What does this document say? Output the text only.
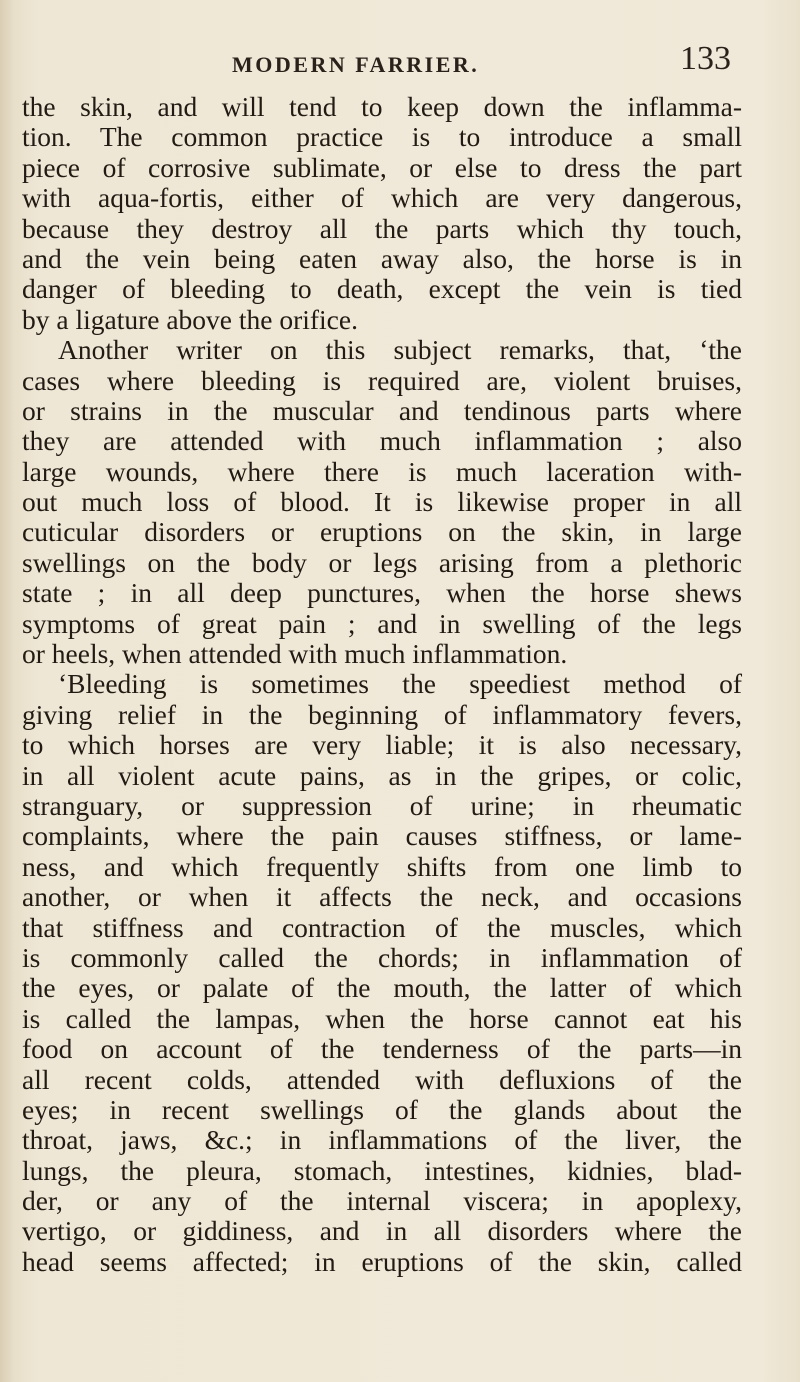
MODERN FARRIER.	133
the skin, and will tend to keep down the inflamma-
tion. The common practice is to introduce a small
piece of corrosive sublimate, or else to dress the part
with aqua-fortis, either of which are very dangerous,
because they destroy all the parts which thy touch,
and the vein being eaten away also, the horse is in
danger of bleeding to death, except the vein is tied
by a ligature above the orifice.
Another writer on this subject remarks, that, ‘the
cases where bleeding is required are, violent bruises,
or strains in the muscular and tendinous parts where
they are attended with much inflammation ; also
large wounds, where there is much laceration with-
out much loss of blood. It is likewise proper in all
cuticular disorders or eruptions on the skin, in large
swellings on the body or legs arising from a plethoric
state ; in all deep punctures, when the horse shews
symptoms of great pain ; and in swelling of the legs
or heels, when attended with much inflammation.
‘Bleeding is sometimes the speediest method of
giving relief in the beginning of inflammatory fevers,
to which horses are very liable; it is also necessary,
in all violent acute pains, as in the gripes, or colic,
stranguary, or suppression of urine; in rheumatic
complaints, where the pain causes stiffness, or lame-
ness, and which frequently shifts from one limb to
another, or when it affects the neck, and occasions
that stiffness and contraction of the muscles, which
is commonly called the chords; in inflammation of
the eyes, or palate of the mouth, the latter of which
is called the lampas, when the horse cannot eat his
food on account of the tenderness of the parts—in
all recent colds, attended with defluxions of the
eyes; in recent swellings of the glands about the
throat, jaws, &c.; in inflammations of the liver, the
lungs, the pleura, stomach, intestines, kidnies, blad-
der, or any of the internal viscera; in apoplexy,
vertigo, or giddiness, and in all disorders where the
head seems affected; in eruptions of the skin, called
